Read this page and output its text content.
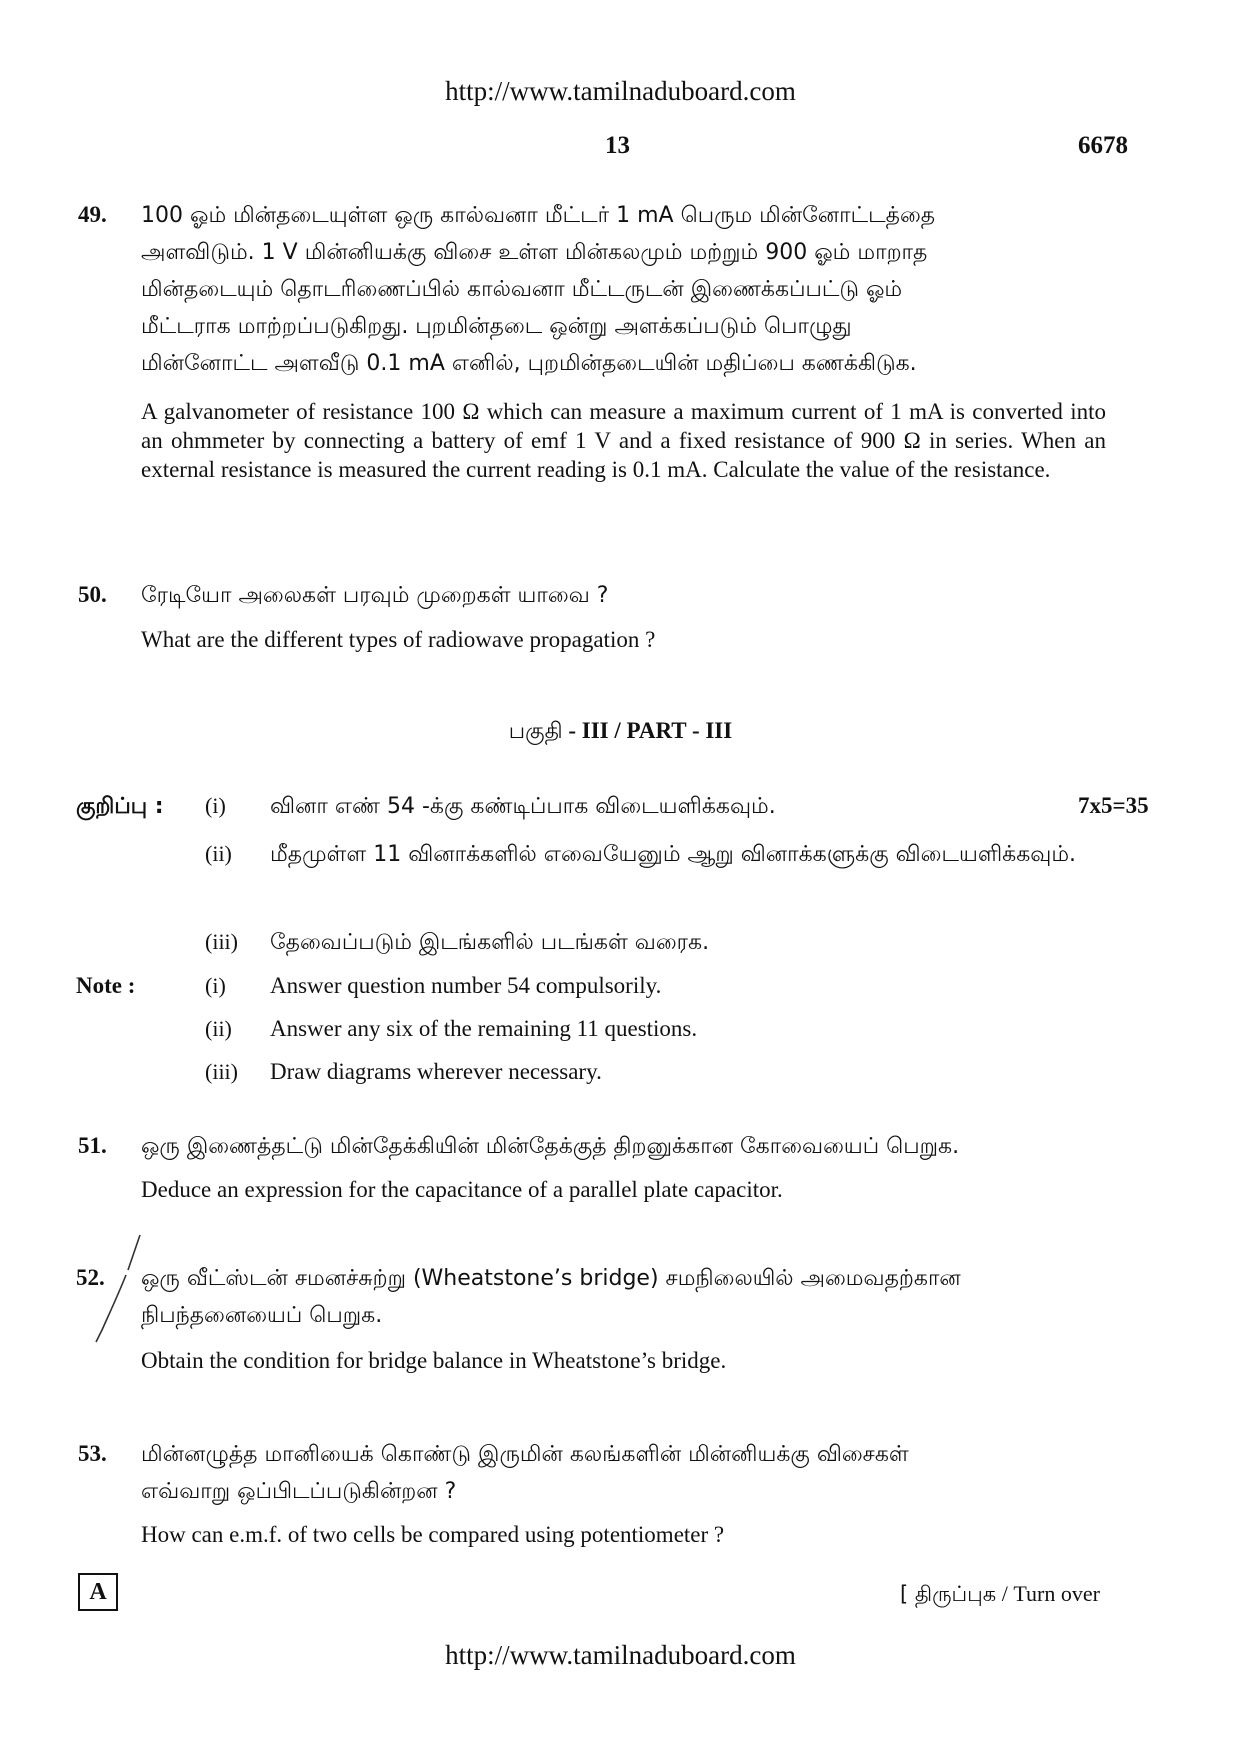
http://www.tamilnaduboard.com
13	6678
49. 100 ஓம் மின்தடையுள்ள ஒரு கால்வனா மீட்டர் 1 mA பெரும மின்னோட்டத்தை
அளவிடும். 1 V மின்னியக்கு விசை உள்ள மின்கலமும் மற்றும் 900 ஓம் மாறாத
மின்தடையும் தொடரிணைப்பில் கால்வனா மீட்டருடன் இணைக்கப்பட்டு ஓம்
மீட்டராக மாற்றப்படுகிறது. புறமின்தடை ஒன்று அளக்கப்படும் பொழுது
மின்னோட்ட அளவீடு 0.1 mA எனில், புறமின்தடையின் மதிப்பை கணக்கிடுக.
A galvanometer of resistance 100 Ω which can measure a maximum current of 1 mA is converted into an ohmmeter by connecting a battery of emf 1 V and a fixed resistance of 900 Ω in series. When an external resistance is measured the current reading is 0.1 mA. Calculate the value of the resistance.
50. ரேடியோ அலைகள் பரவும் முறைகள் யாவை ?
What are the different types of radiowave propagation ?
பகுதி - III / PART - III
குறிப்பு :	7x5=35
(i) வினா எண் 54 -க்கு கண்டிப்பாக விடையளிக்கவும்.
(ii) மீதமுள்ள 11 வினாக்களில் எவையேனும் ஆறு வினாக்களுக்கு விடையளிக்கவும்.
(iii) தேவைப்படும் இடங்களில் படங்கள் வரைக.
Note :	(i) Answer question number 54 compulsorily.
(ii) Answer any six of the remaining 11 questions.
(iii) Draw diagrams wherever necessary.
51. ஒரு இணைத்தட்டு மின்தேக்கியின் மின்தேக்குத் திறனுக்கான கோவையைப் பெறுக.
Deduce an expression for the capacitance of a parallel plate capacitor.
52. ஒரு வீட்ஸ்டன் சமனச்சுற்று (Wheatstone’s bridge) சமநிலையில் அமைவதற்கான
நிபந்தனையைப் பெறுக.
Obtain the condition for bridge balance in Wheatstone’s bridge.
53. மின்னழுத்த மானியைக் கொண்டு இருமின் கலங்களின் மின்னியக்கு விசைகள்
எவ்வாறு ஒப்பிடப்படுகின்றன ?
How can e.m.f. of two cells be compared using potentiometer ?
A	[ திருப்புக / Turn over
http://www.tamilnaduboard.com
